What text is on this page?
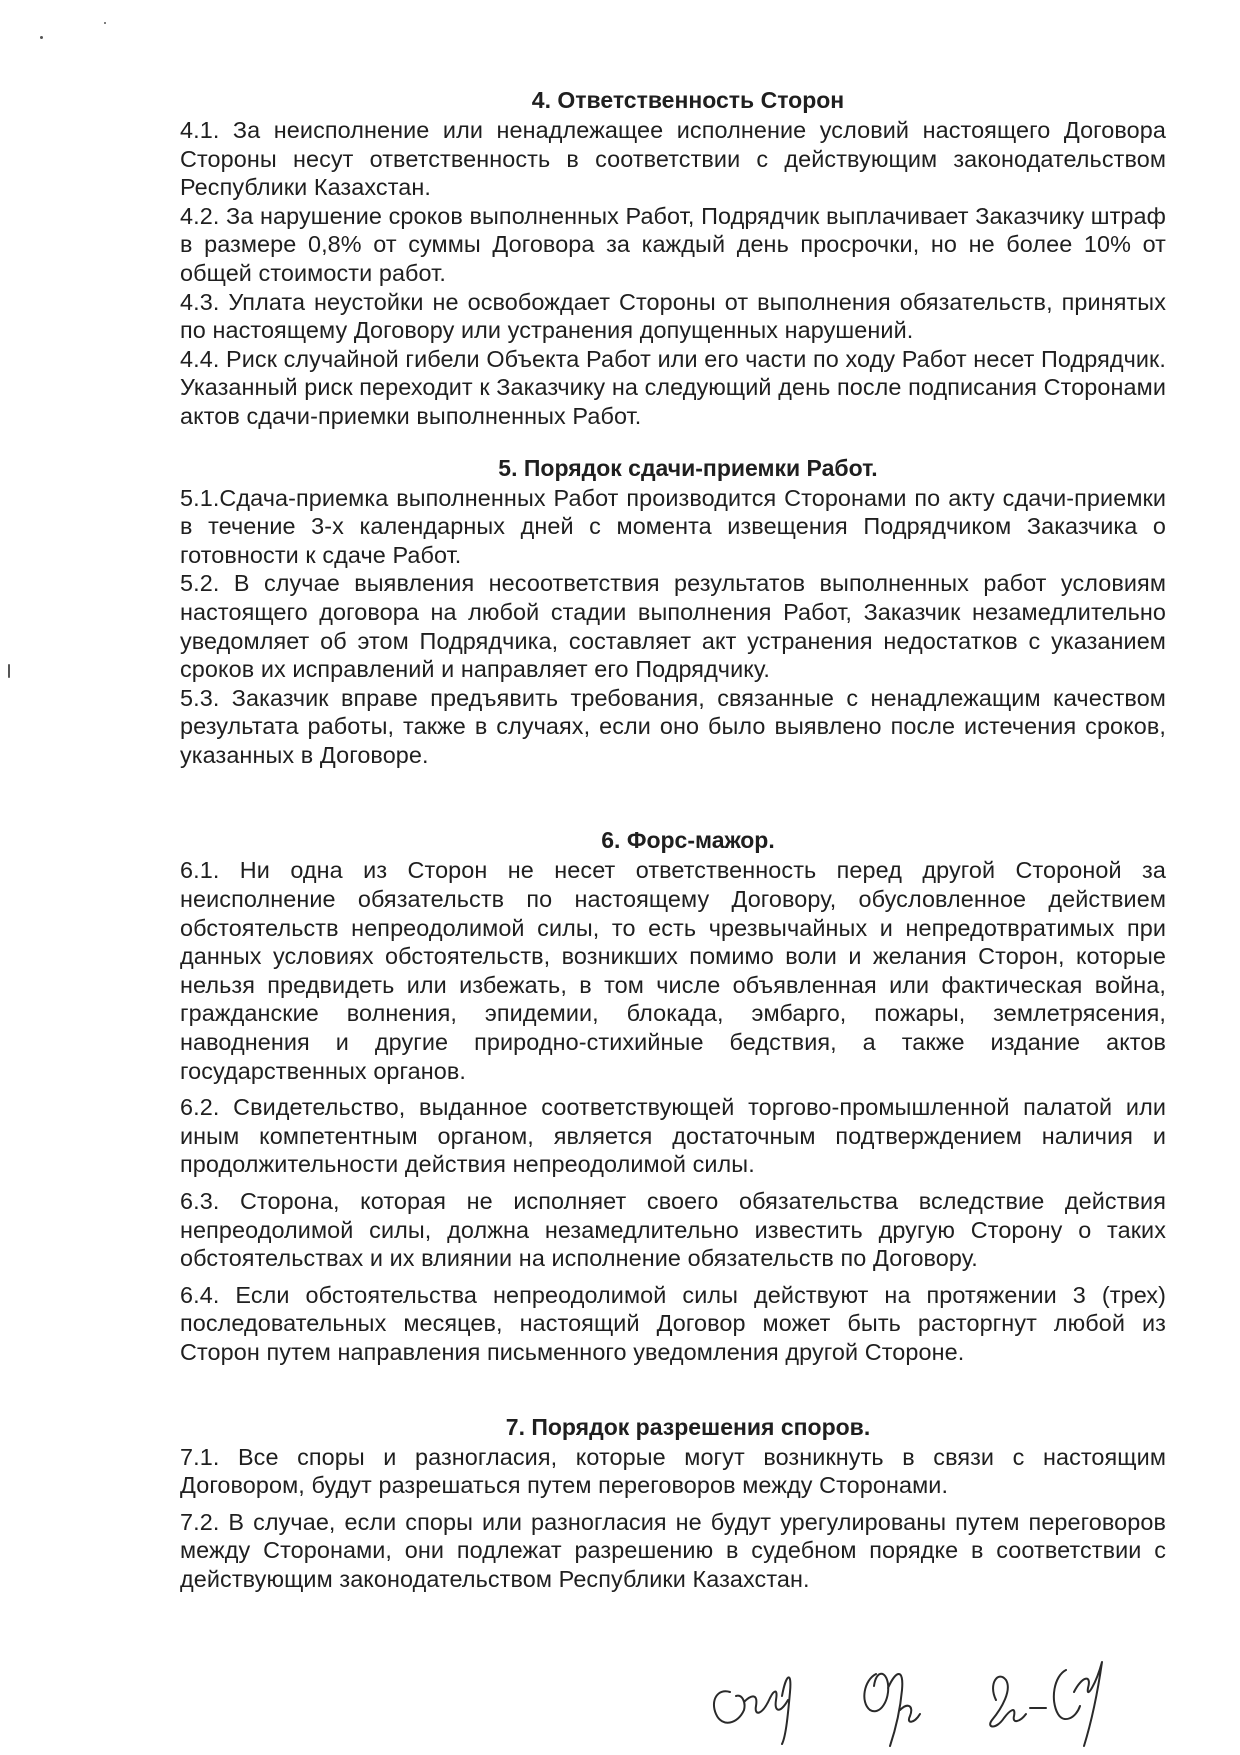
4. Ответственность Сторон

4.1. За неисполнение или ненадлежащее исполнение условий настоящего Договора Стороны несут ответственность в соответствии с действующим законодательством Республики Казахстан.

4.2. За нарушение сроков выполненных Работ, Подрядчик выплачивает Заказчику штраф в размере 0,8% от суммы Договора за каждый день просрочки, но не более 10% от общей стоимости работ.

4.3. Уплата неустойки не освобождает Стороны от выполнения обязательств, принятых по настоящему Договору или устранения допущенных нарушений.

4.4. Риск случайной гибели Объекта Работ или его части по ходу Работ несет Подрядчик. Указанный риск переходит к Заказчику на следующий день после подписания Сторонами актов сдачи-приемки выполненных Работ.

5. Порядок сдачи-приемки Работ.

5.1.Сдача-приемка выполненных Работ производится Сторонами по акту сдачи-приемки в течение 3-х календарных дней с момента извещения Подрядчиком Заказчика о готовности к сдаче Работ.

5.2. В случае выявления несоответствия результатов выполненных работ условиям настоящего договора на любой стадии выполнения Работ, Заказчик незамедлительно уведомляет об этом Подрядчика, составляет акт устранения недостатков с указанием сроков их исправлений и направляет его Подрядчику.

5.3. Заказчик вправе предъявить требования, связанные с ненадлежащим качеством результата работы, также в случаях, если оно было выявлено после истечения сроков, указанных в Договоре.

6. Форс-мажор.

6.1. Ни одна из Сторон не несет ответственность перед другой Стороной за неисполнение обязательств по настоящему Договору, обусловленное действием обстоятельств непреодолимой силы, то есть чрезвычайных и непредотвратимых при данных условиях обстоятельств, возникших помимо воли и желания Сторон, которые нельзя предвидеть или избежать, в том числе объявленная или фактическая война, гражданские волнения, эпидемии, блокада, эмбарго, пожары, землетрясения, наводнения и другие природно-стихийные бедствия, а также издание актов государственных органов.

6.2. Свидетельство, выданное соответствующей торгово-промышленной палатой или иным компетентным органом, является достаточным подтверждением наличия и продолжительности действия непреодолимой силы.

6.3. Сторона, которая не исполняет своего обязательства вследствие действия непреодолимой силы, должна незамедлительно известить другую Сторону о таких обстоятельствах и их влиянии на исполнение обязательств по Договору.

6.4. Если обстоятельства непреодолимой силы действуют на протяжении 3 (трех) последовательных месяцев, настоящий Договор может быть расторгнут любой из Сторон путем направления письменного уведомления другой Стороне.

7. Порядок разрешения споров.

7.1. Все споры и разногласия, которые могут возникнуть в связи с настоящим Договором, будут разрешаться путем переговоров между Сторонами.

7.2. В случае, если споры или разногласия не будут урегулированы путем переговоров между Сторонами, они подлежат разрешению в судебном порядке в соответствии с действующим законодательством Республики Казахстан.
